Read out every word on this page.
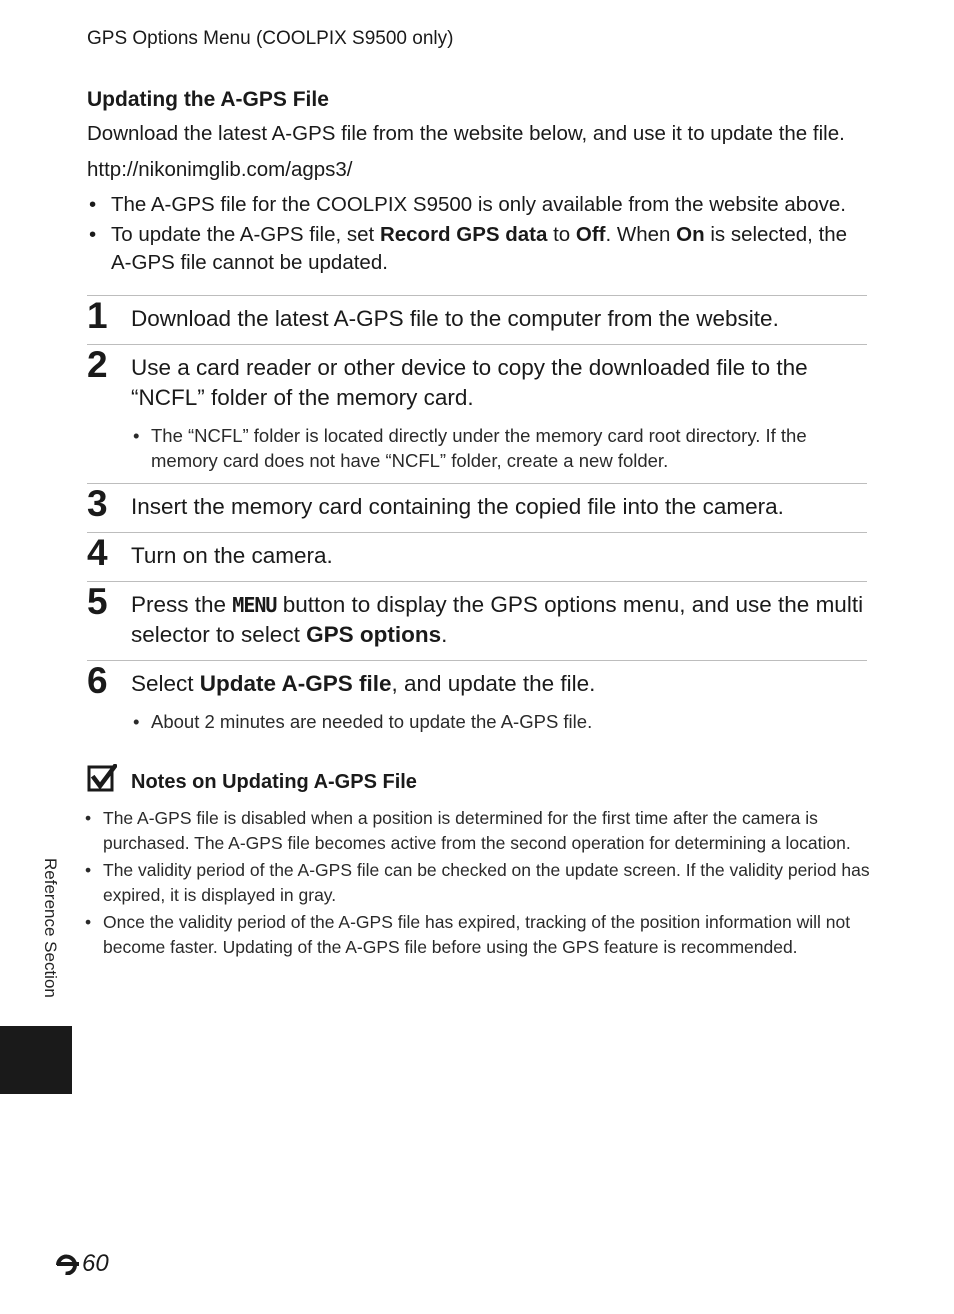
GPS Options Menu (COOLPIX S9500 only)
Updating the A-GPS File

Download the latest A-GPS file from the website below, and use it to update the file.

http://nikonimglib.com/agps3/

• The A-GPS file for the COOLPIX S9500 is only available from the website above.
• To update the A-GPS file, set Record GPS data to Off. When On is selected, the A-GPS file cannot be updated.
1 Download the latest A-GPS file to the computer from the website.
2 Use a card reader or other device to copy the downloaded file to the “NCFL” folder of the memory card.
• The “NCFL” folder is located directly under the memory card root directory. If the memory card does not have “NCFL” folder, create a new folder.
3 Insert the memory card containing the copied file into the camera.
4 Turn on the camera.
5 Press the MENU button to display the GPS options menu, and use the multi selector to select GPS options.
6 Select Update A-GPS file, and update the file.
• About 2 minutes are needed to update the A-GPS file.
Notes on Updating A-GPS File
• The A-GPS file is disabled when a position is determined for the first time after the camera is purchased. The A-GPS file becomes active from the second operation for determining a location.
• The validity period of the A-GPS file can be checked on the update screen. If the validity period has expired, it is displayed in gray.
• Once the validity period of the A-GPS file has expired, tracking of the position information will not become faster. Updating of the A-GPS file before using the GPS feature is recommended.
Reference Section
60
